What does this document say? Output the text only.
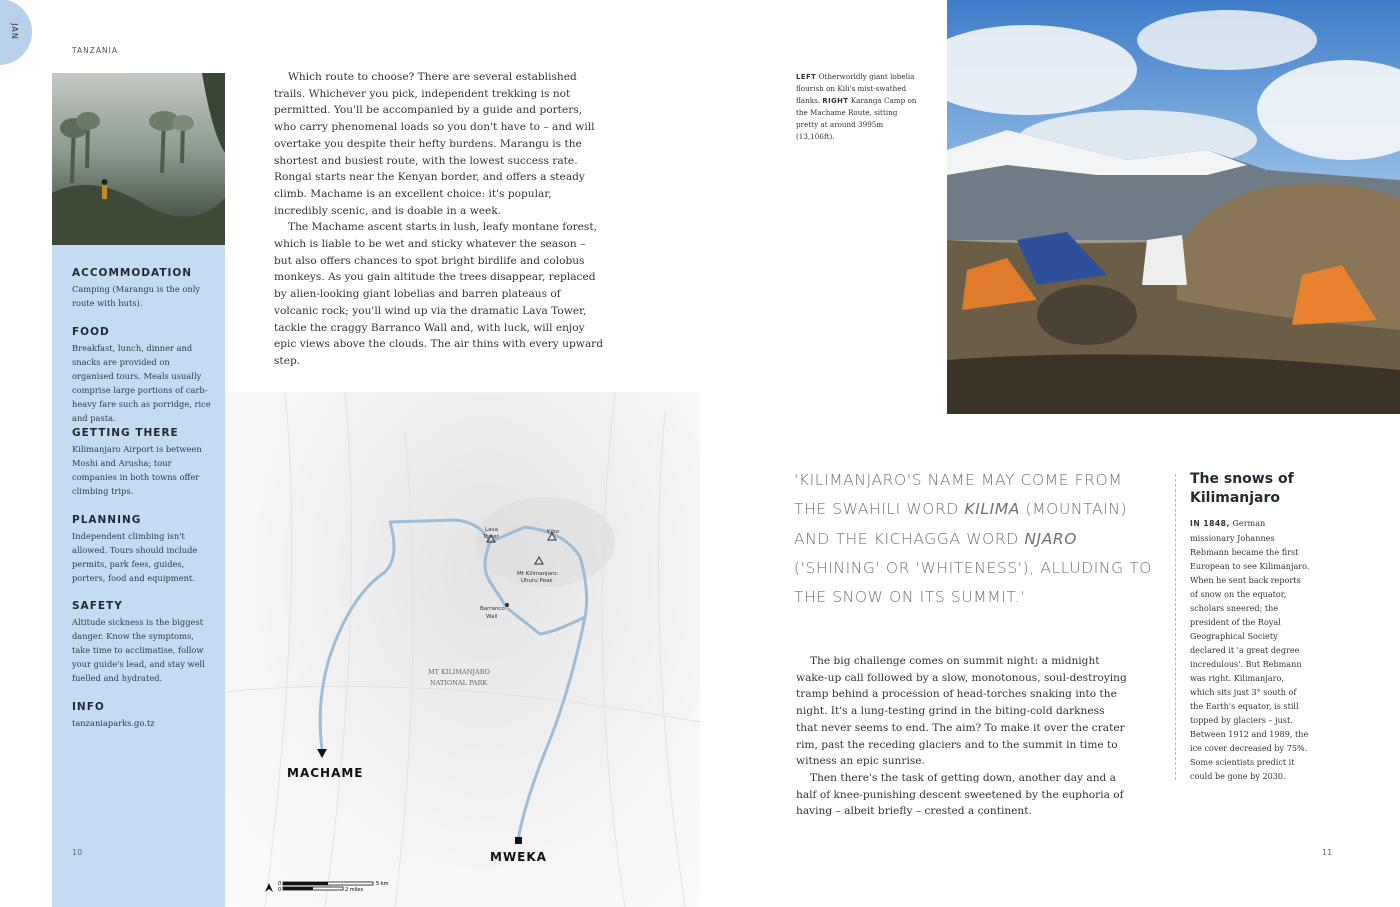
JAN
TANZANIA
ACCOMMODATION

Camping (Marangu is the only route with huts).

FOOD

Breakfast, lunch, dinner and snacks are provided on organised tours. Meals usually comprise large portions of carb-heavy fare such as porridge, rice and pasta.

GETTING THERE

Kilimanjaro Airport is between Moshi and Arusha; tour companies in both towns offer climbing trips.

PLANNING

Independent climbing isn't allowed. Tours should include permits, park fees, guides, porters, food and equipment.

SAFETY

Altitude sickness is the biggest danger. Know the symptoms, take time to acclimatise, follow your guide's lead, and stay well fuelled and hydrated.

INFO

tanzaniaparks.go.tz

Which route to choose? There are several established trails. Whichever you pick, independent trekking is not permitted. You'll be accompanied by a guide and porters, who carry phenomenal loads so you don't have to – and will overtake you despite their hefty burdens. Marangu is the shortest and busiest route, with the lowest success rate. Rongai starts near the Kenyan border, and offers a steady climb. Machame is an excellent choice: it's popular, incredibly scenic, and is doable in a week.

The Machame ascent starts in lush, leafy montane forest, which is liable to be wet and sticky whatever the season – but also offers chances to spot bright birdlife and colobus monkeys. As you gain altitude the trees disappear, replaced by alien-looking giant lobelias and barren plateaus of volcanic rock; you'll wind up via the dramatic Lava Tower, tackle the craggy Barranco Wall and, with luck, will enjoy epic views above the clouds. The air thins with every upward step.

Lava
Tower
Kibo
Mt Kilimanjaro:
Uhuru Peak
Barranco
Wall
MT KILIMANJARO
NATIONAL PARK
MACHAME
MWEKA
0
0
5 km
2 miles
LEFT Otherworldly giant lobelia flourish on Kili's mist-swathed flanks. RIGHT Karanga Camp on the Machame Route, sitting pretty at around 3995m (13,106ft).
'KILIMANJARO'S NAME MAY COME FROM THE SWAHILI WORD KILIMA (MOUNTAIN) AND THE KICHAGGA WORD NJARO ('SHINING' OR 'WHITENESS'), ALLUDING TO THE SNOW ON ITS SUMMIT.'

The big challenge comes on summit night: a midnight wake-up call followed by a slow, monotonous, soul-destroying tramp behind a procession of head-torches snaking into the night. It's a lung-testing grind in the biting-cold darkness that never seems to end. The aim? To make it over the crater rim, past the receding glaciers and to the summit in time to witness an epic sunrise.

Then there's the task of getting down, another day and a half of knee-punishing descent sweetened by the euphoria of having – albeit briefly – crested a continent.

The snows of Kilimanjaro
IN 1848, German missionary Johannes Rebmann became the first European to see Kilimanjaro. When he sent back reports of snow on the equator, scholars sneered; the president of the Royal Geographical Society declared it 'a great degree incredulous'. But Rebmann was right. Kilimanjaro, which sits just 3° south of the Earth's equator, is still topped by glaciers – just. Between 1912 and 1989, the ice cover decreased by 75%. Some scientists predict it could be gone by 2030.
10	11
